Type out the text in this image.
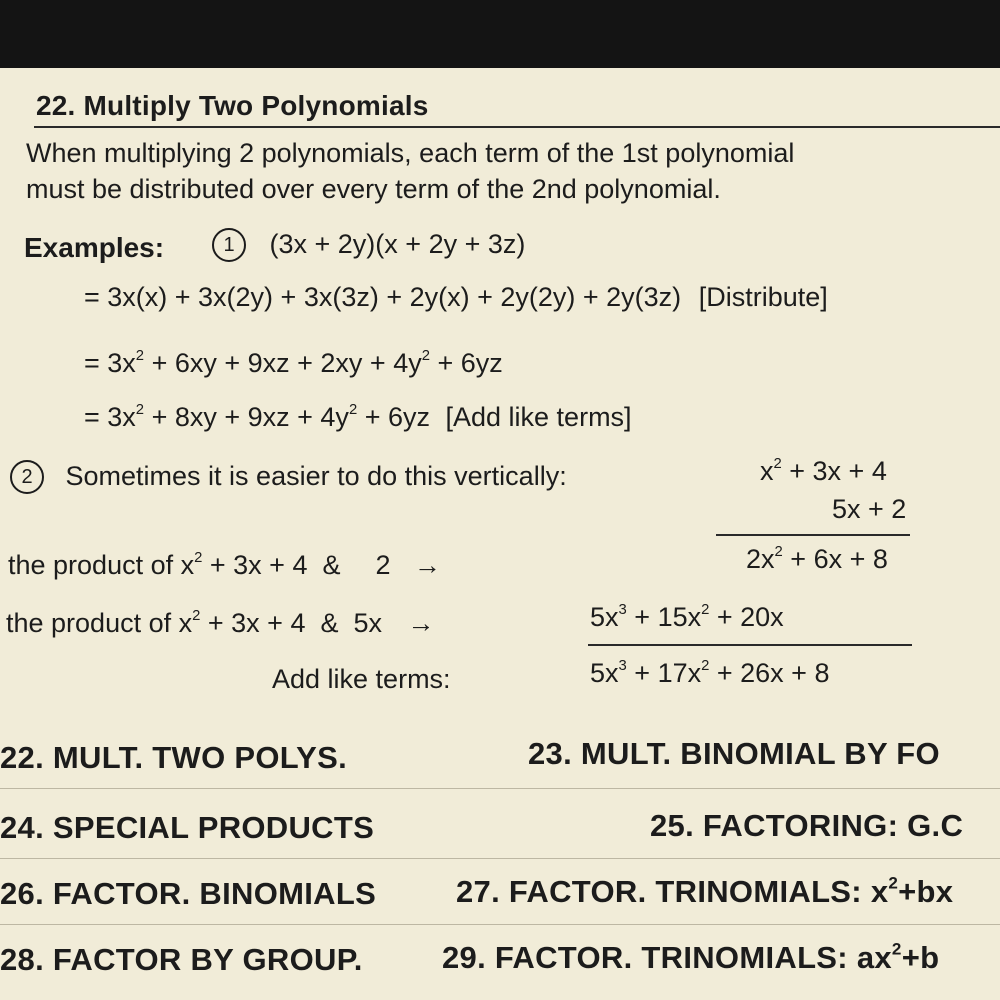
22. Multiply Two Polynomials
When multiplying 2 polynomials, each term of the 1st polynomial
must be distributed over every term of the 2nd polynomial.
Examples:	1 (3x + 2y)(x + 2y + 3z)
= 3x(x) + 3x(2y) + 3x(3z) + 2y(x) + 2y(2y) + 2y(3z) [Distribute]
= $3x^2 + 6xy + 9xz + 2xy + 4y^2 + 6yz$
= $3x^2 + 8xy + 9xz + 4y^2 + 6yz$ [Add like terms]
2 Sometimes it is easier to do this vertically:	$x^2 + 3x + 4$
5x + 2
the product of $x^2 + 3x + 4$  &  2 →	$2x^2 + 6x + 8$
the product of $x^2 + 3x + 4$  &  5x →	$5x^3 + 15x^2 + 20x$
Add like terms:	$5x^3 + 17x^2 + 26x + 8$
22. MULT. TWO POLYS.	23. MULT. BINOMIAL BY FO
24. SPECIAL PRODUCTS	25. FACTORING: G.C
26. FACTOR. BINOMIALS	27. FACTOR. TRINOMIALS: $x^2+bx$
28. FACTOR BY GROUP.	29. FACTOR. TRINOMIALS: $ax^2+b$
